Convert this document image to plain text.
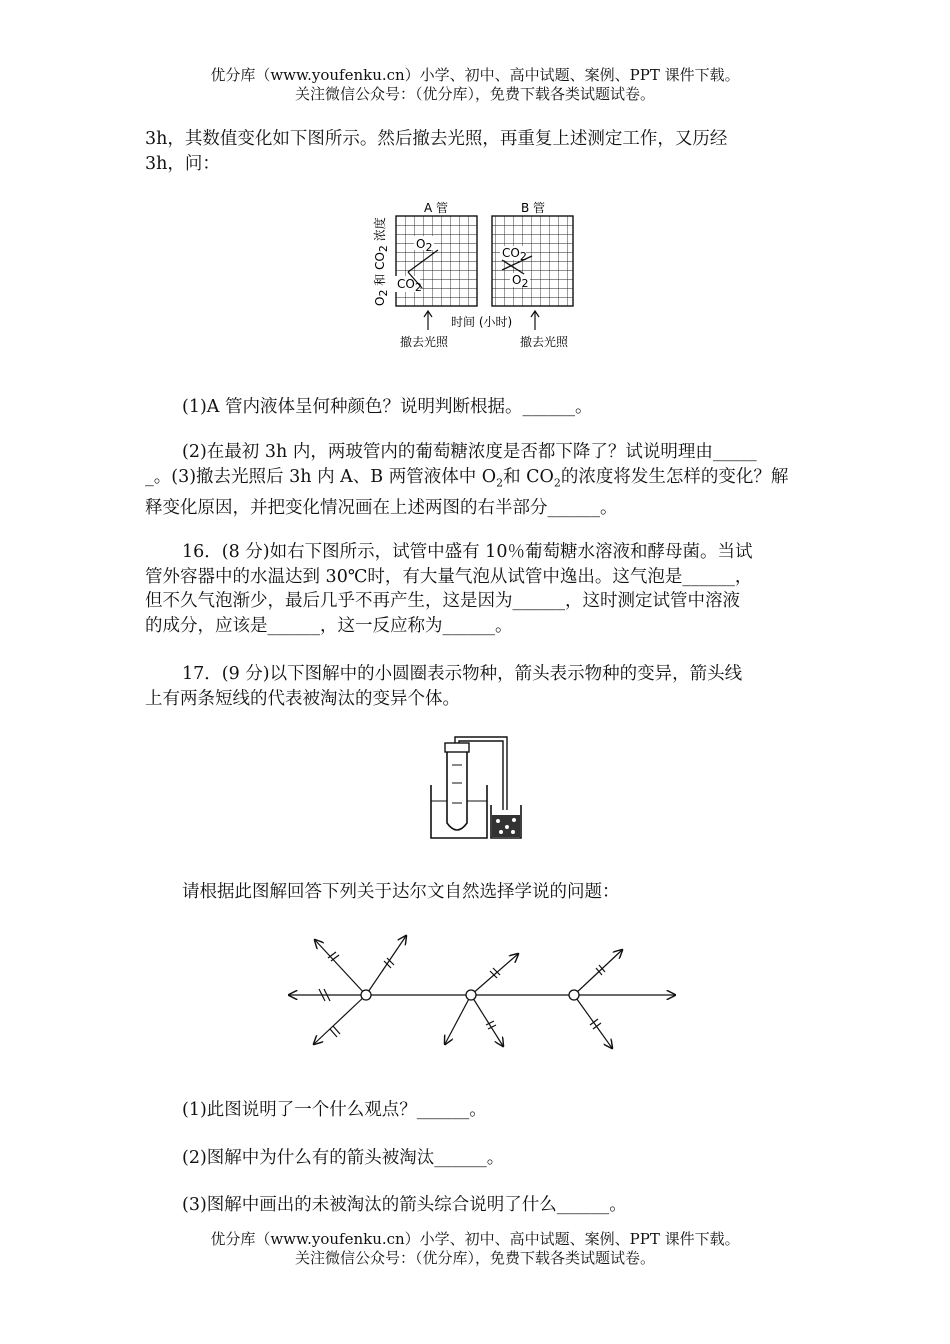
优分库（www.youfenku.cn）小学、初中、高中试题、案例、PPT 课件下载。
关注微信公众号：（优分库），免费下载各类试题试卷。
3h，其数值变化如下图所示。然后撤去光照，再重复上述测定工作，又历经
3h，问：
A 管	B 管
O2
CO2
CO2
O2
O2 和 CO2 浓度
时间 (小时)
撤去光照	撤去光照
(1)A 管内液体呈何种颜色？说明判断根据。______。
(2)在最初 3h 内，两玻管内的葡萄糖浓度是否都下降了？试说明理由_____
_。(3)撤去光照后 3h 内 A、B 两管液体中 $O_2$和 $CO_2$的浓度将发生怎样的变化？解
释变化原因，并把变化情况画在上述两图的右半部分______。
16．(8 分)如右下图所示，试管中盛有 10％葡萄糖水溶液和酵母菌。当试
管外容器中的水温达到 30℃时，有大量气泡从试管中逸出。这气泡是______，
但不久气泡渐少，最后几乎不再产生，这是因为______，这时测定试管中溶液
的成分，应该是______，这一反应称为______。
17．(9 分)以下图解中的小圆圈表示物种，箭头表示物种的变异，箭头线
上有两条短线的代表被淘汰的变异个体。
请根据此图解回答下列关于达尔文自然选择学说的问题：
(1)此图说明了一个什么观点？______。
(2)图解中为什么有的箭头被淘汰______。
(3)图解中画出的未被淘汰的箭头综合说明了什么______。
优分库（www.youfenku.cn）小学、初中、高中试题、案例、PPT 课件下载。
关注微信公众号：（优分库），免费下载各类试题试卷。
